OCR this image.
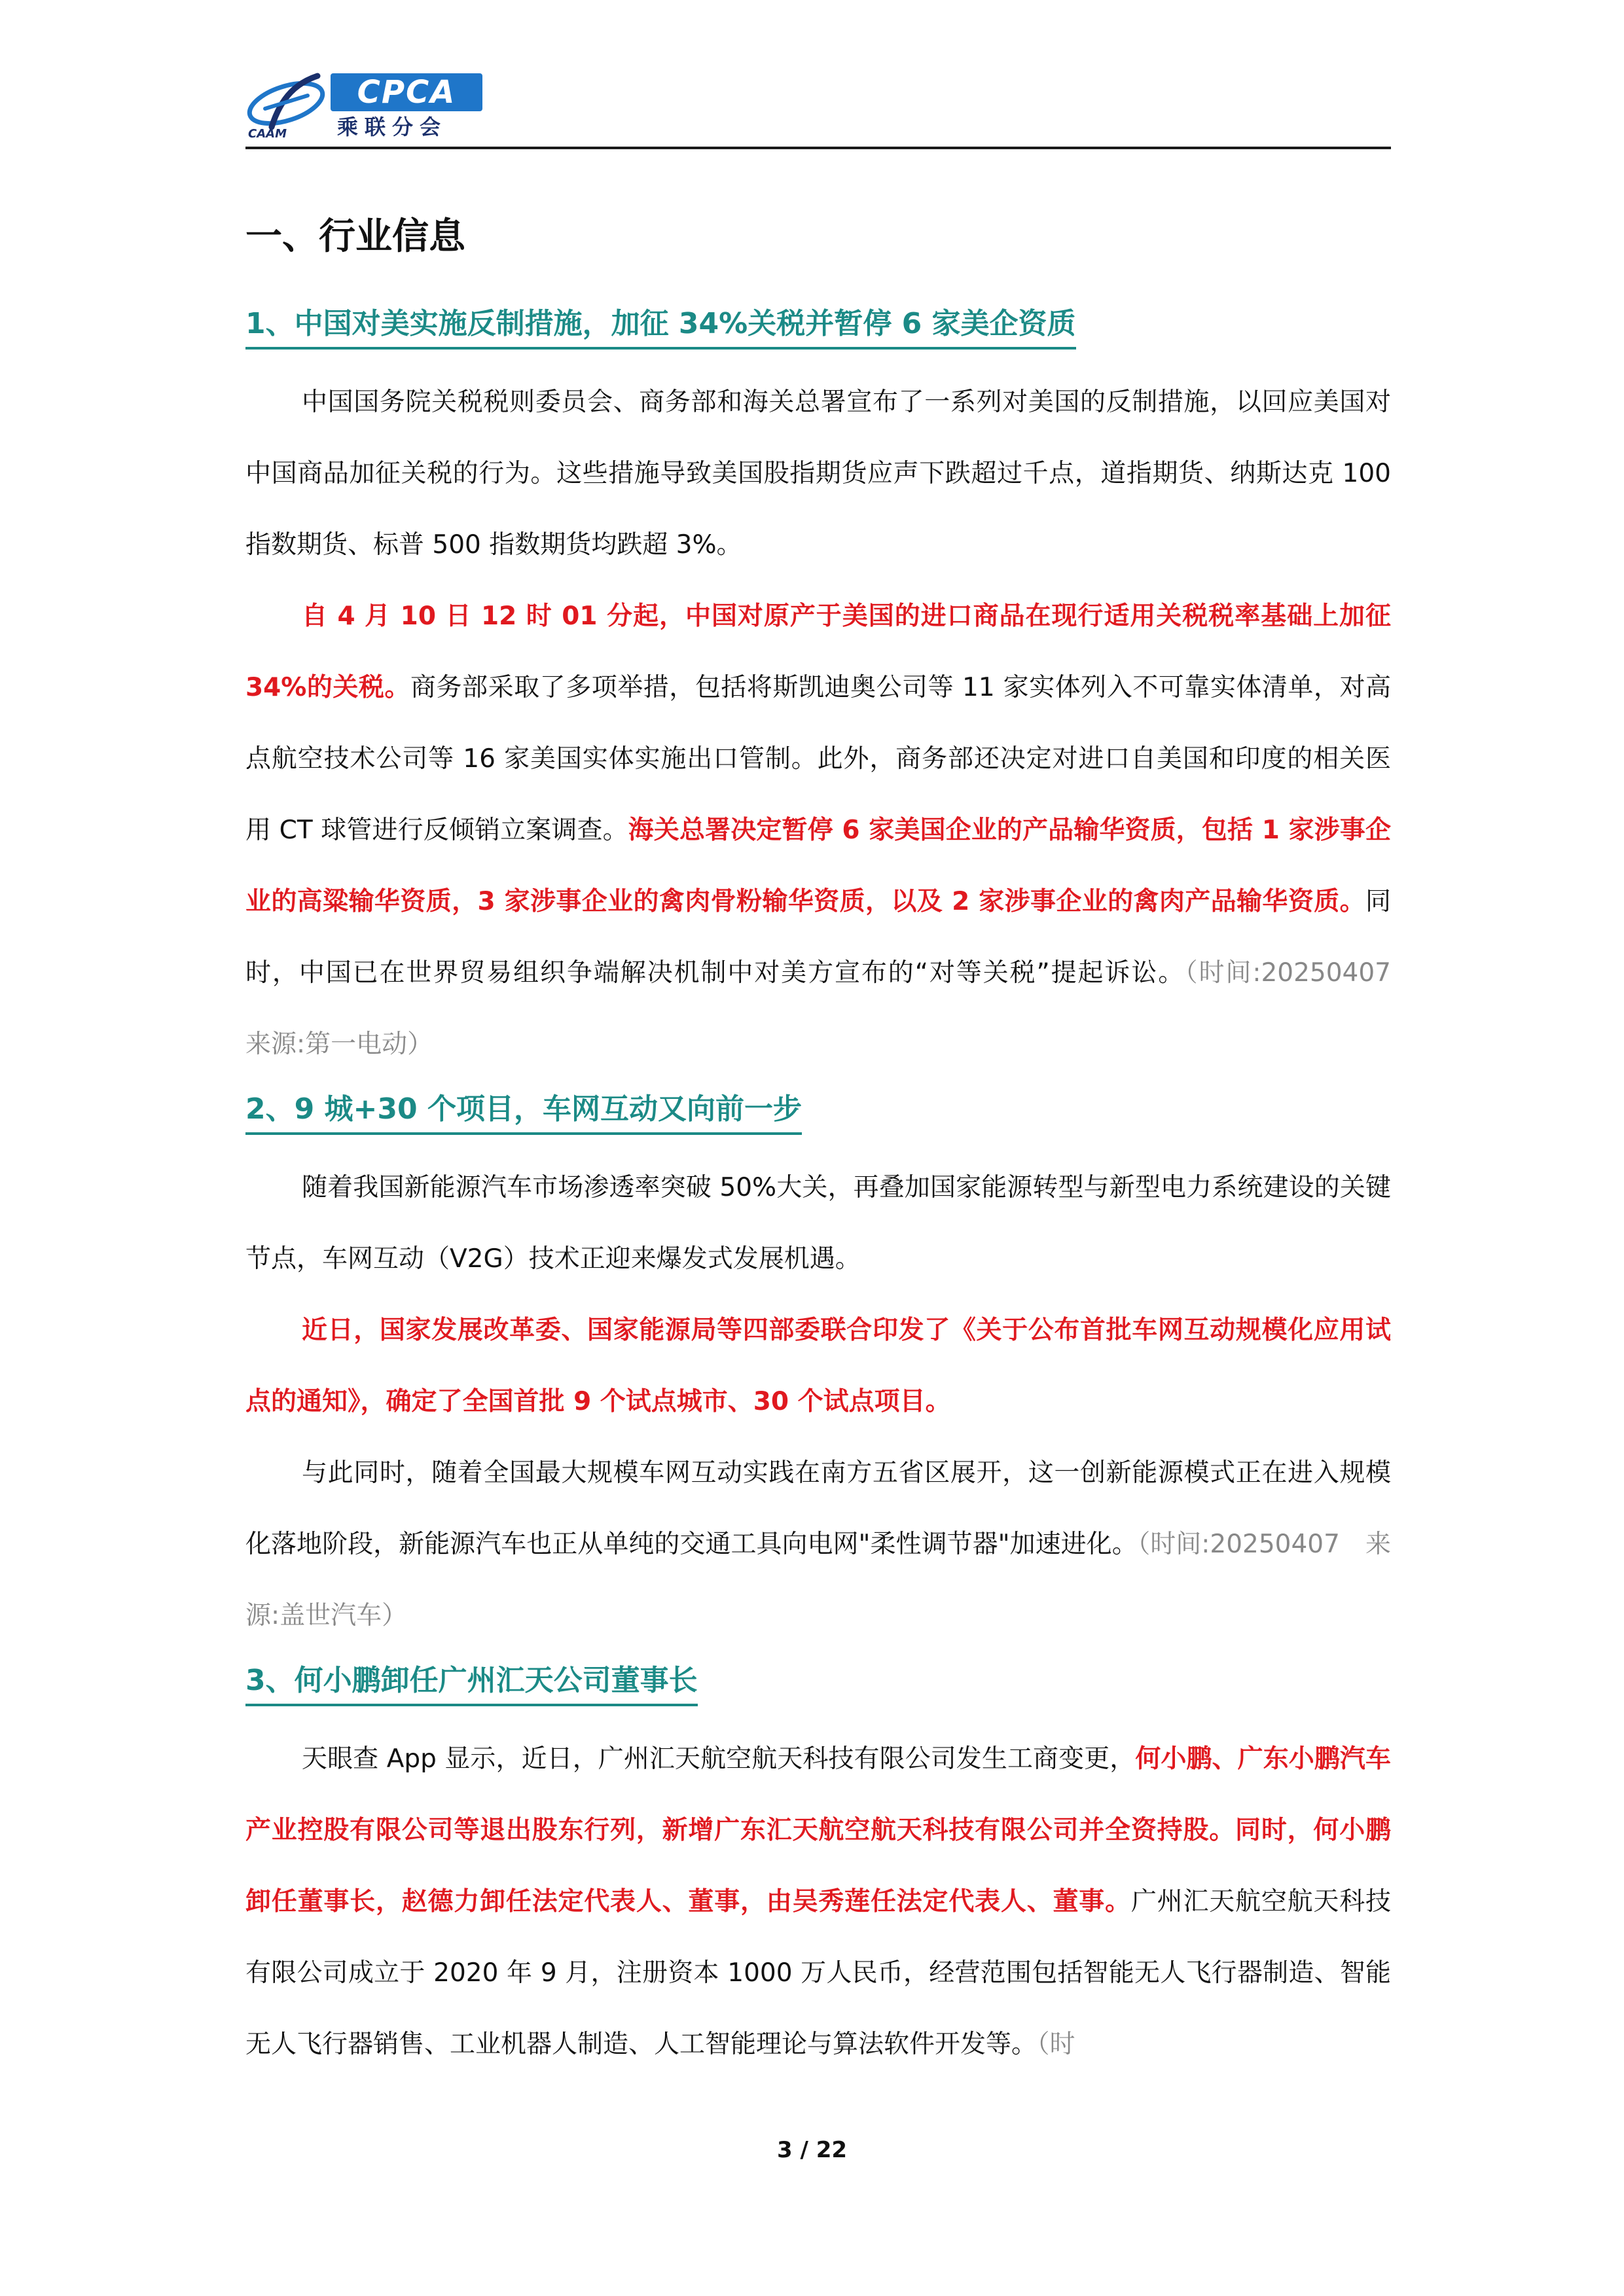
CAAM
CPCA
乘联分会
一、行业信息
1、中国对美实施反制措施，加征 34%关税并暂停 6 家美企资质

中国国务院关税税则委员会、商务部和海关总署宣布了一系列对美国的反制措施，以回应美国对中国商品加征关税的行为。这些措施导致美国股指期货应声下跌超过千点，道指期货、纳斯达克 100 指数期货、标普 500 指数期货均跌超 3%。

自 4 月 10 日 12 时 01 分起，中国对原产于美国的进口商品在现行适用关税税率基础上加征 34%的关税。商务部采取了多项举措，包括将斯凯迪奥公司等 11 家实体列入不可靠实体清单，对高点航空技术公司等 16 家美国实体实施出口管制。此外，商务部还决定对进口自美国和印度的相关医用 CT 球管进行反倾销立案调查。海关总署决定暂停 6 家美国企业的产品输华资质，包括 1 家涉事企业的高粱输华资质，3 家涉事企业的禽肉骨粉输华资质，以及 2 家涉事企业的禽肉产品输华资质。同时，中国已在世界贸易组织争端解决机制中对美方宣布的“对等关税”提起诉讼。（时间:20250407　来源:第一电动）

2、9 城+30 个项目，车网互动又向前一步

随着我国新能源汽车市场渗透率突破 50%大关，再叠加国家能源转型与新型电力系统建设的关键节点，车网互动（V2G）技术正迎来爆发式发展机遇。

近日，国家发展改革委、国家能源局等四部委联合印发了《关于公布首批车网互动规模化应用试点的通知》，确定了全国首批 9 个试点城市、30 个试点项目。

与此同时，随着全国最大规模车网互动实践在南方五省区展开，这一创新能源模式正在进入规模化落地阶段，新能源汽车也正从单纯的交通工具向电网"柔性调节器"加速进化。（时间:20250407　来源:盖世汽车）

3、何小鹏卸任广州汇天公司董事长

天眼查 App 显示，近日，广州汇天航空航天科技有限公司发生工商变更，何小鹏、广东小鹏汽车产业控股有限公司等退出股东行列，新增广东汇天航空航天科技有限公司并全资持股。同时，何小鹏卸任董事长，赵德力卸任法定代表人、董事，由吴秀莲任法定代表人、董事。广州汇天航空航天科技有限公司成立于 2020 年 9 月，注册资本 1000 万人民币，经营范围包括智能无人飞行器制造、智能无人飞行器销售、工业机器人制造、人工智能理论与算法软件开发等。（时

3 / 22
